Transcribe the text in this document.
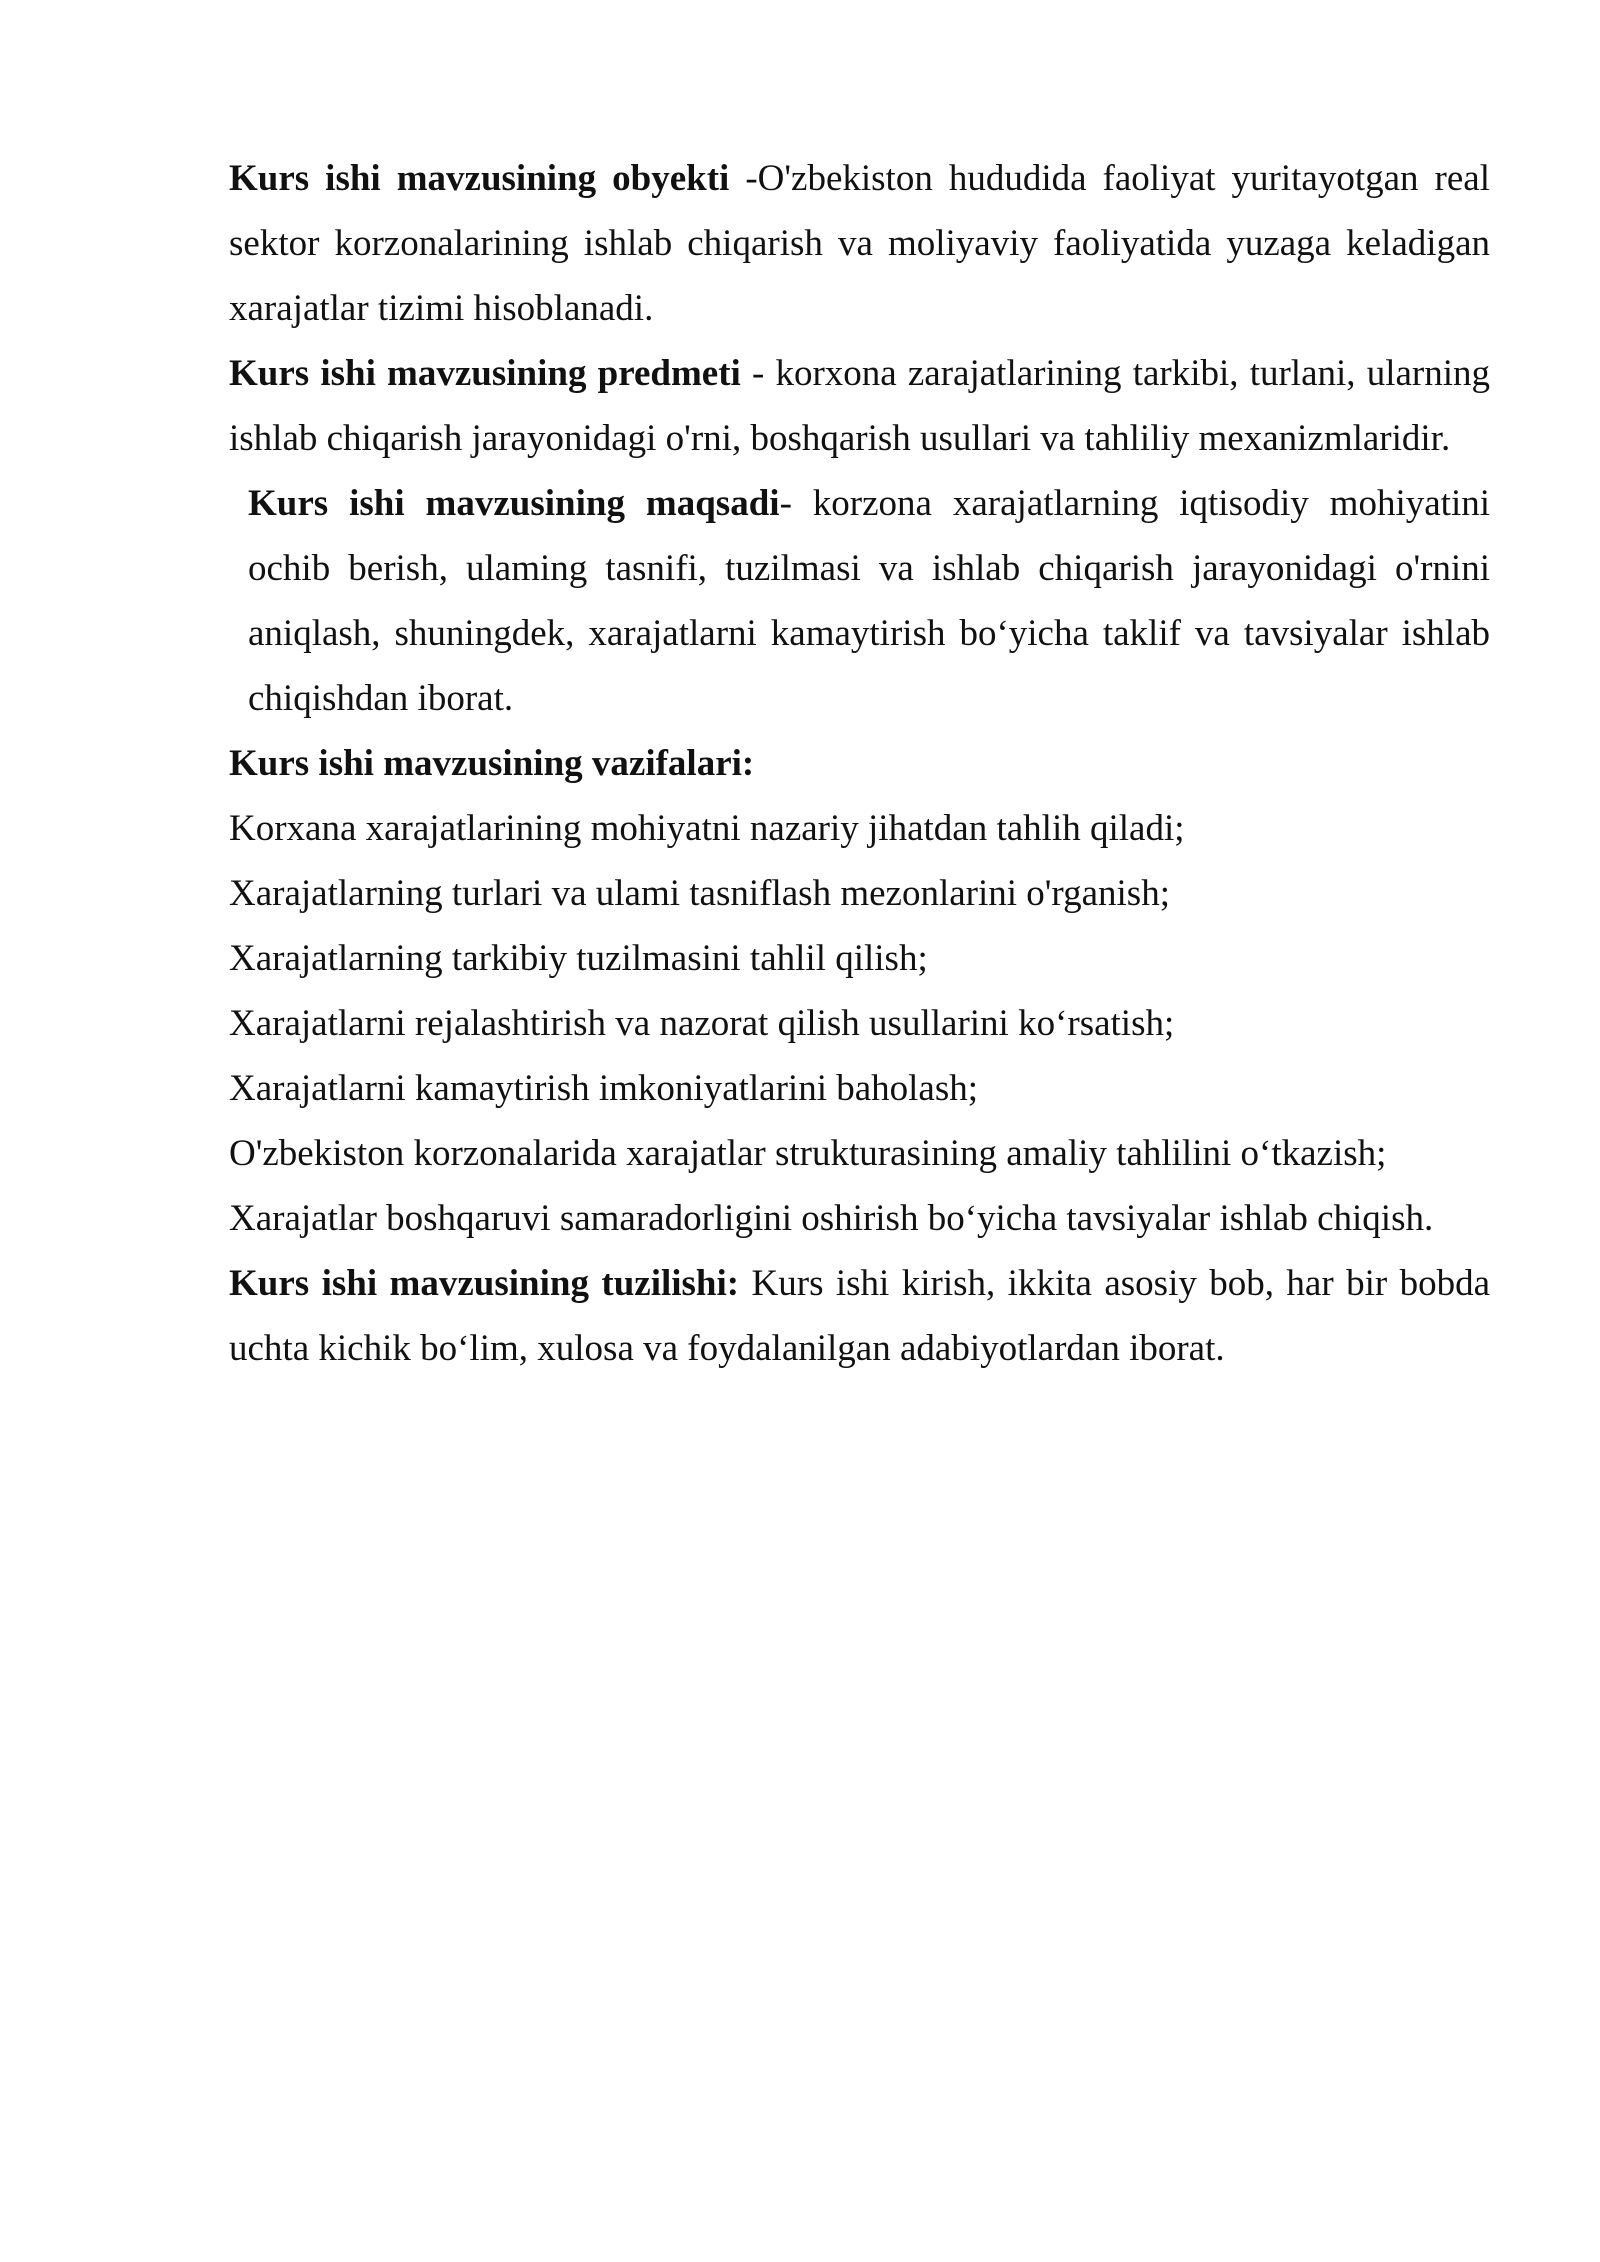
Kurs ishi mavzusining obyekti -O'zbekiston hududida faoliyat yuritayotgan real sektor korzonalarining ishlab chiqarish va moliyaviy faoliyatida yuzaga keladigan xarajatlar tizimi hisoblanadi.

Kurs ishi mavzusining predmeti - korxona zarajatlarining tarkibi, turlani, ularning ishlab chiqarish jarayonidagi o'rni, boshqarish usullari va tahliliy mexanizmlaridir.

Kurs ishi mavzusining maqsadi- korzona xarajatlarning iqtisodiy mohiyatini ochib berish, ulaming tasnifi, tuzilmasi va ishlab chiqarish jarayonidagi o'rnini aniqlash, shuningdek, xarajatlarni kamaytirish bo‘yicha taklif va tavsiyalar ishlab chiqishdan iborat.

Kurs ishi mavzusining vazifalari:

Korxana xarajatlarining mohiyatni nazariy jihatdan tahlih qiladi;
Xarajatlarning turlari va ulami tasniflash mezonlarini o'rganish;
Xarajatlarning tarkibiy tuzilmasini tahlil qilish;
Xarajatlarni rejalashtirish va nazorat qilish usullarini ko‘rsatish;
Xarajatlarni kamaytirish imkoniyatlarini baholash;
O'zbekiston korzonalarida xarajatlar strukturasining amaliy tahlilini o‘tkazish;
Xarajatlar boshqaruvi samaradorligini oshirish bo‘yicha tavsiyalar ishlab chiqish.

Kurs ishi mavzusining tuzilishi: Kurs ishi kirish, ikkita asosiy bob, har bir bobda uchta kichik bo‘lim, xulosa va foydalanilgan adabiyotlardan iborat.
